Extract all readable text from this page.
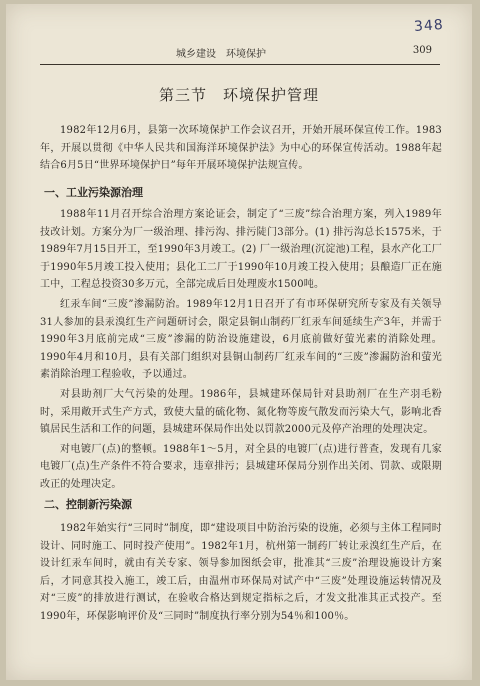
348
城乡建设　环境保护	309
第三节　环境保护管理

1982年12月6月，县第一次环境保护工作会议召开，开始开展环保宣传工作。1983年，开展以贯彻《中华人民共和国海洋环境保护法》为中心的环保宣传活动。1988年起结合6月5日“世界环境保护日”每年开展环境保护法规宣传。

一、工业污染源治理

1988年11月召开综合治理方案论证会，制定了“三废”综合治理方案，列入1989年技改计划。方案分为厂一级治理、排污沟、排污陡门3部分。(1) 排污沟总长1575米，于1989年7月15日开工，至1990年3月竣工。(2) 厂一级治理(沉淀池)工程，县水产化工厂于1990年5月竣工投入使用；县化工二厂于1990年10月竣工投入使用；县酿造厂正在施工中，工程总投资30多万元，全部完成后日处理废水1500吨。

红汞车间“三废”渗漏防治。1989年12月1日召开了有市环保研究所专家及有关领导31人参加的县汞溴红生产问题研讨会，限定县铜山制药厂红汞车间延续生产3年，并需于1990年3月底前完成“三废”渗漏的防治设施建设，6月底前做好萤光素的消除处理。1990年4月和10月，县有关部门组织对县铜山制药厂红汞车间的“三废”渗漏防治和萤光素消除治理工程验收，予以通过。

对县助剂厂大气污染的处理。1986年，县城建环保局针对县助剂厂在生产羽毛粉时，采用敞开式生产方式，致使大量的硫化物、氮化物等废气散发而污染大气，影响北香镇居民生活和工作的问题，县城建环保局作出处以罚款2000元及停产治理的处理决定。

对电镀厂(点)的整顿。1988年1～5月，对全县的电镀厂(点)进行普查，发现有几家电镀厂(点)生产条件不符合要求，违章排污；县城建环保局分别作出关闭、罚款、或限期改正的处理决定。

二、控制新污染源

1982年始实行“三同时”制度，即“建设项目中防治污染的设施，必须与主体工程同时设计、同时施工、同时投产使用”。1982年1月，杭州第一制药厂转让汞溴红生产后，在设计红汞车间时，就由有关专家、领导参加图纸会审，批准其“三废”治理设施设计方案后，才同意其投入施工，竣工后，由温州市环保局对试产中“三废”处理设施运转情况及对“三废”的排放进行测试，在验收合格达到规定指标之后，才发文批准其正式投产。至1990年，环保影响评价及“三同时”制度执行率分别为54％和100％。
